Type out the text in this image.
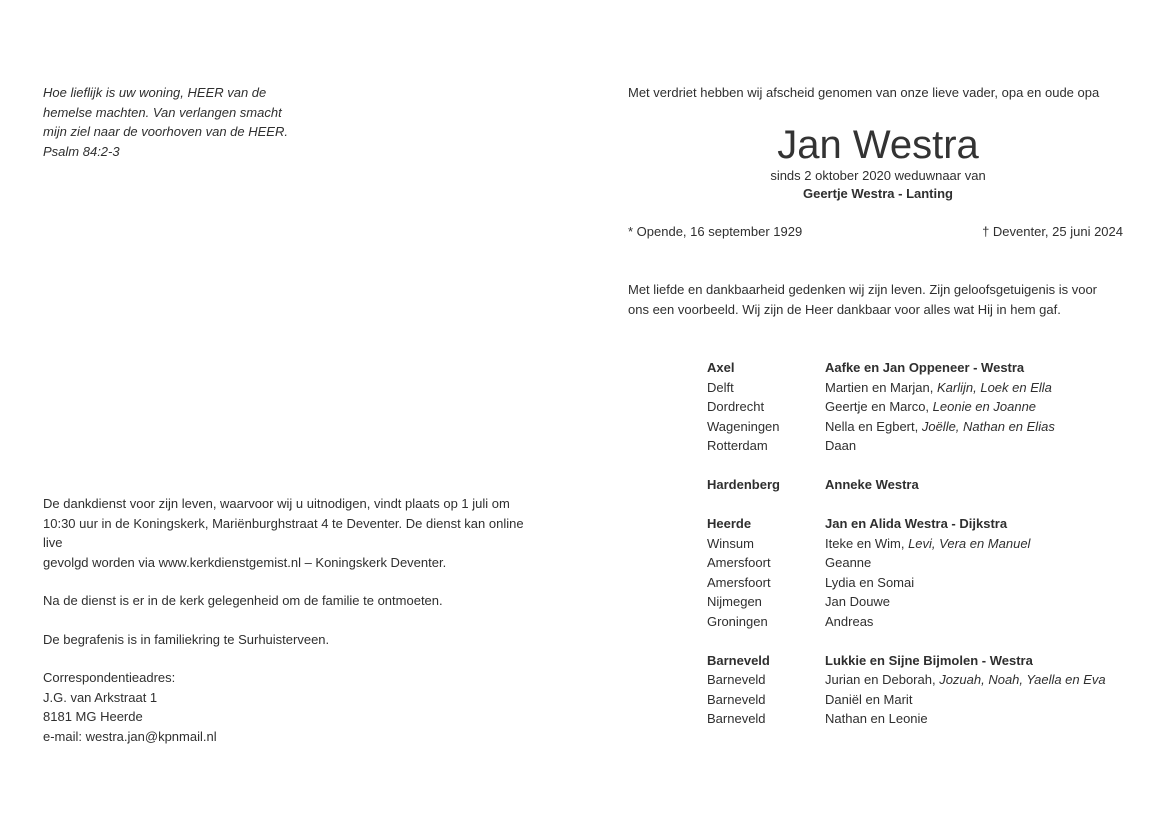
Hoe lieflijk is uw woning, HEER van de
hemelse machten. Van verlangen smacht
mijn ziel naar de voorhoven van de HEER.
Psalm 84:2-3

De dankdienst voor zijn leven, waarvoor wij u uitnodigen, vindt plaats op 1 juli om

10:30 uur in de Koningskerk, Mariënburghstraat 4 te Deventer. De dienst kan online live

gevolgd worden via www.kerkdienstgemist.nl – Koningskerk Deventer.

Na de dienst is er in de kerk gelegenheid om de familie te ontmoeten.

De begrafenis is in familiekring te Surhuisterveen.

Correspondentieadres:

J.G. van Arkstraat 1

8181 MG Heerde

e-mail: westra.jan@kpnmail.nl

Met verdriet hebben wij afscheid genomen van onze lieve vader, opa en oude opa
Jan Westra
sinds 2 oktober 2020 weduwnaar van
Geertje Westra - Lanting
* Opende, 16 september 1929	† Deventer, 25 juni 2024
Met liefde en dankbaarheid gedenken wij zijn leven. Zijn geloofsgetuigenis is voor
ons een voorbeeld. Wij zijn de Heer dankbaar voor alles wat Hij in hem gaf.
Axel	Aafke en Jan Oppeneer - Westra
Delft	Martien en Marjan, Karlijn, Loek en Ella
Dordrecht	Geertje en Marco, Leonie en Joanne
Wageningen	Nella en Egbert, Joëlle, Nathan en Elias
Rotterdam	Daan
Hardenberg	Anneke Westra
Heerde	Jan en Alida Westra - Dijkstra
Winsum	Iteke en Wim, Levi, Vera en Manuel
Amersfoort	Geanne
Amersfoort	Lydia en Somai
Nijmegen	Jan Douwe
Groningen	Andreas
Barneveld	Lukkie en Sijne Bijmolen - Westra
Barneveld	Jurian en Deborah, Jozuah, Noah, Yaella en Eva
Barneveld	Daniël en Marit
Barneveld	Nathan en Leonie
